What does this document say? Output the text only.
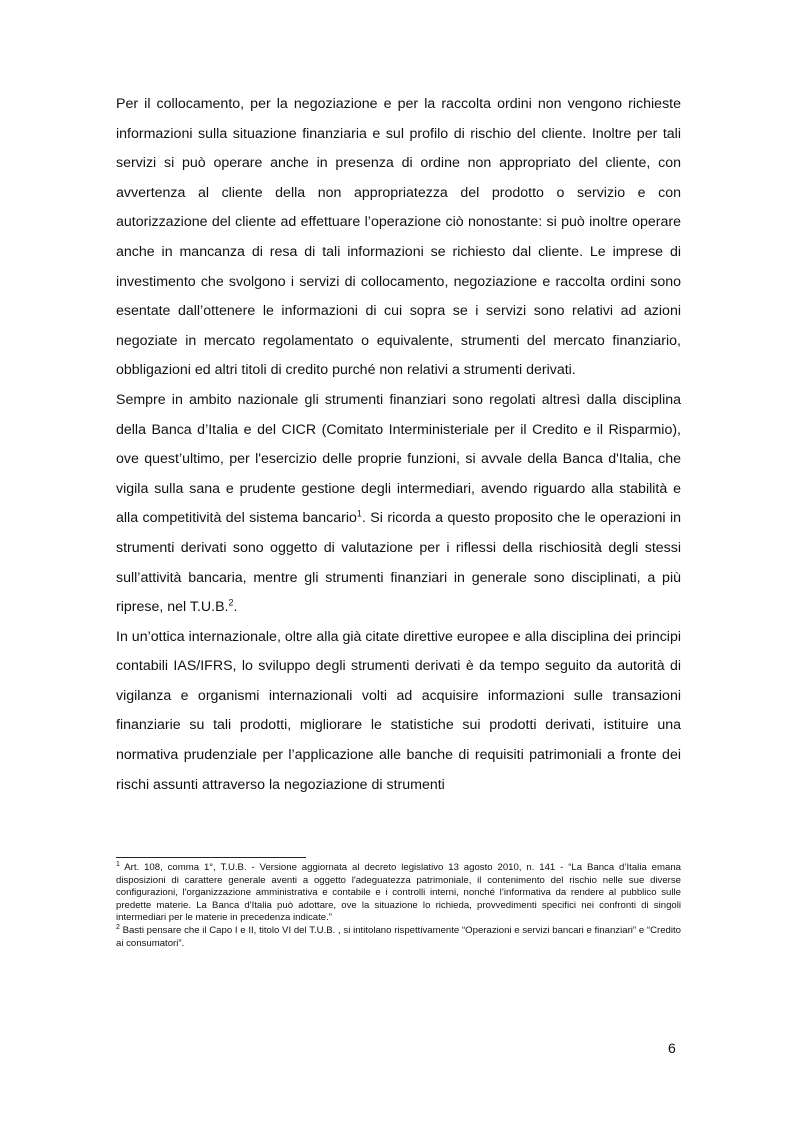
Per il collocamento, per la negoziazione e per la raccolta ordini non vengono richieste informazioni sulla situazione finanziaria e sul profilo di rischio del cliente. Inoltre per tali servizi si può operare anche in presenza di ordine non appropriato del cliente, con avvertenza al cliente della non appropriatezza del prodotto o servizio e con autorizzazione del cliente ad effettuare l’operazione ciò nonostante: si può inoltre operare anche in mancanza di resa di tali informazioni se richiesto dal cliente. Le imprese di investimento che svolgono i servizi di collocamento, negoziazione e raccolta ordini sono esentate dall’ottenere le informazioni di cui sopra se i servizi sono relativi ad azioni negoziate in mercato regolamentato o equivalente, strumenti del mercato finanziario, obbligazioni ed altri titoli di credito purché non relativi a strumenti derivati.

Sempre in ambito nazionale gli strumenti finanziari sono regolati altresì dalla disciplina della Banca d’Italia e del CICR (Comitato Interministeriale per il Credito e il Risparmio), ove quest’ultimo, per l'esercizio delle proprie funzioni, si avvale della Banca d'Italia, che vigila sulla sana e prudente gestione degli intermediari, avendo riguardo alla stabilità e alla competitività del sistema bancario$^1$. Si ricorda a questo proposito che le operazioni in strumenti derivati sono oggetto di valutazione per i riflessi della rischiosità degli stessi sull’attività bancaria, mentre gli strumenti finanziari in generale sono disciplinati, a più riprese, nel T.U.B.$^2$.

In un’ottica internazionale, oltre alla già citate direttive europee e alla disciplina dei principi contabili IAS/IFRS, lo sviluppo degli strumenti derivati è da tempo seguito da autorità di vigilanza e organismi internazionali volti ad acquisire informazioni sulle transazioni finanziarie su tali prodotti, migliorare le statistiche sui prodotti derivati, istituire una normativa prudenziale per l’applicazione alle banche di requisiti patrimoniali a fronte dei rischi assunti attraverso la negoziazione di strumenti

$^1$ Art. 108, comma 1°, T.U.B. - Versione aggiornata al decreto legislativo 13 agosto 2010, n. 141 - “La Banca d’Italia emana disposizioni di carattere generale aventi a oggetto l'adeguatezza patrimoniale, il contenimento del rischio nelle sue diverse configurazioni, l'organizzazione amministrativa e contabile e i controlli interni, nonché l’informativa da rendere al pubblico sulle predette materie. La Banca d'Italia può adottare, ove la situazione lo richieda, provvedimenti specifici nei confronti di singoli intermediari per le materie in precedenza indicate.”

$^2$ Basti pensare che il Capo I e II, titolo VI del T.U.B. , si intitolano rispettivamente “Operazioni e servizi bancari e finanziari” e “Credito ai consumatori”.

6
